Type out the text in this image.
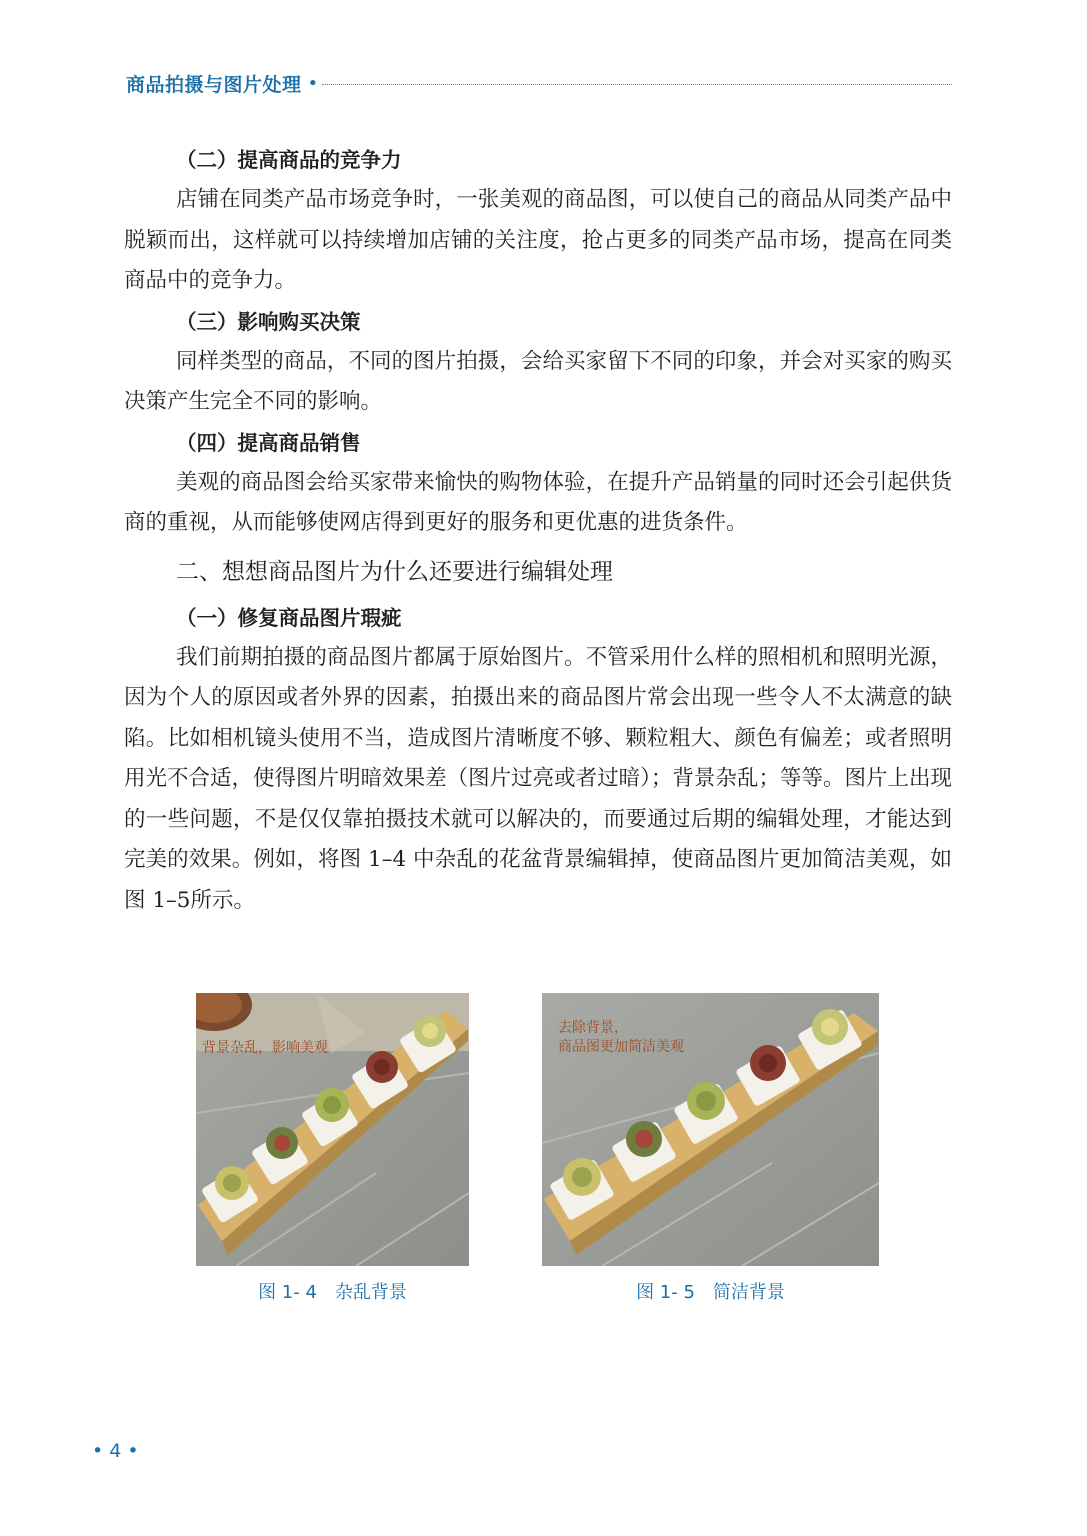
商品拍摄与图片处理 •
（二）提高商品的竞争力

店铺在同类产品市场竞争时，一张美观的商品图，可以使自己的商品从同类产品中脱颖而出，这样就可以持续增加店铺的关注度，抢占更多的同类产品市场，提高在同类商品中的竞争力。

（三）影响购买决策

同样类型的商品，不同的图片拍摄，会给买家留下不同的印象，并会对买家的购买决策产生完全不同的影响。

（四）提高商品销售

美观的商品图会给买家带来愉快的购物体验，在提升产品销量的同时还会引起供货商的重视，从而能够使网店得到更好的服务和更优惠的进货条件。

二、想想商品图片为什么还要进行编辑处理
（一）修复商品图片瑕疵

我们前期拍摄的商品图片都属于原始图片。不管采用什么样的照相机和照明光源，因为个人的原因或者外界的因素，拍摄出来的商品图片常会出现一些令人不太满意的缺陷。比如相机镜头使用不当，造成图片清晰度不够、颗粒粗大、颜色有偏差；或者照明用光不合适，使得图片明暗效果差（图片过亮或者过暗）；背景杂乱；等等。图片上出现的一些问题，不是仅仅靠拍摄技术就可以解决的，而要通过后期的编辑处理，才能达到完美的效果。例如，将图 1–4 中杂乱的花盆背景编辑掉，使商品图片更加简洁美观，如图 1–5所示。

背景杂乱，影响美观
图 1- 4　杂乱背景
去除背景，
商品图更加简洁美观
图 1- 5　简洁背景
• 4 •
